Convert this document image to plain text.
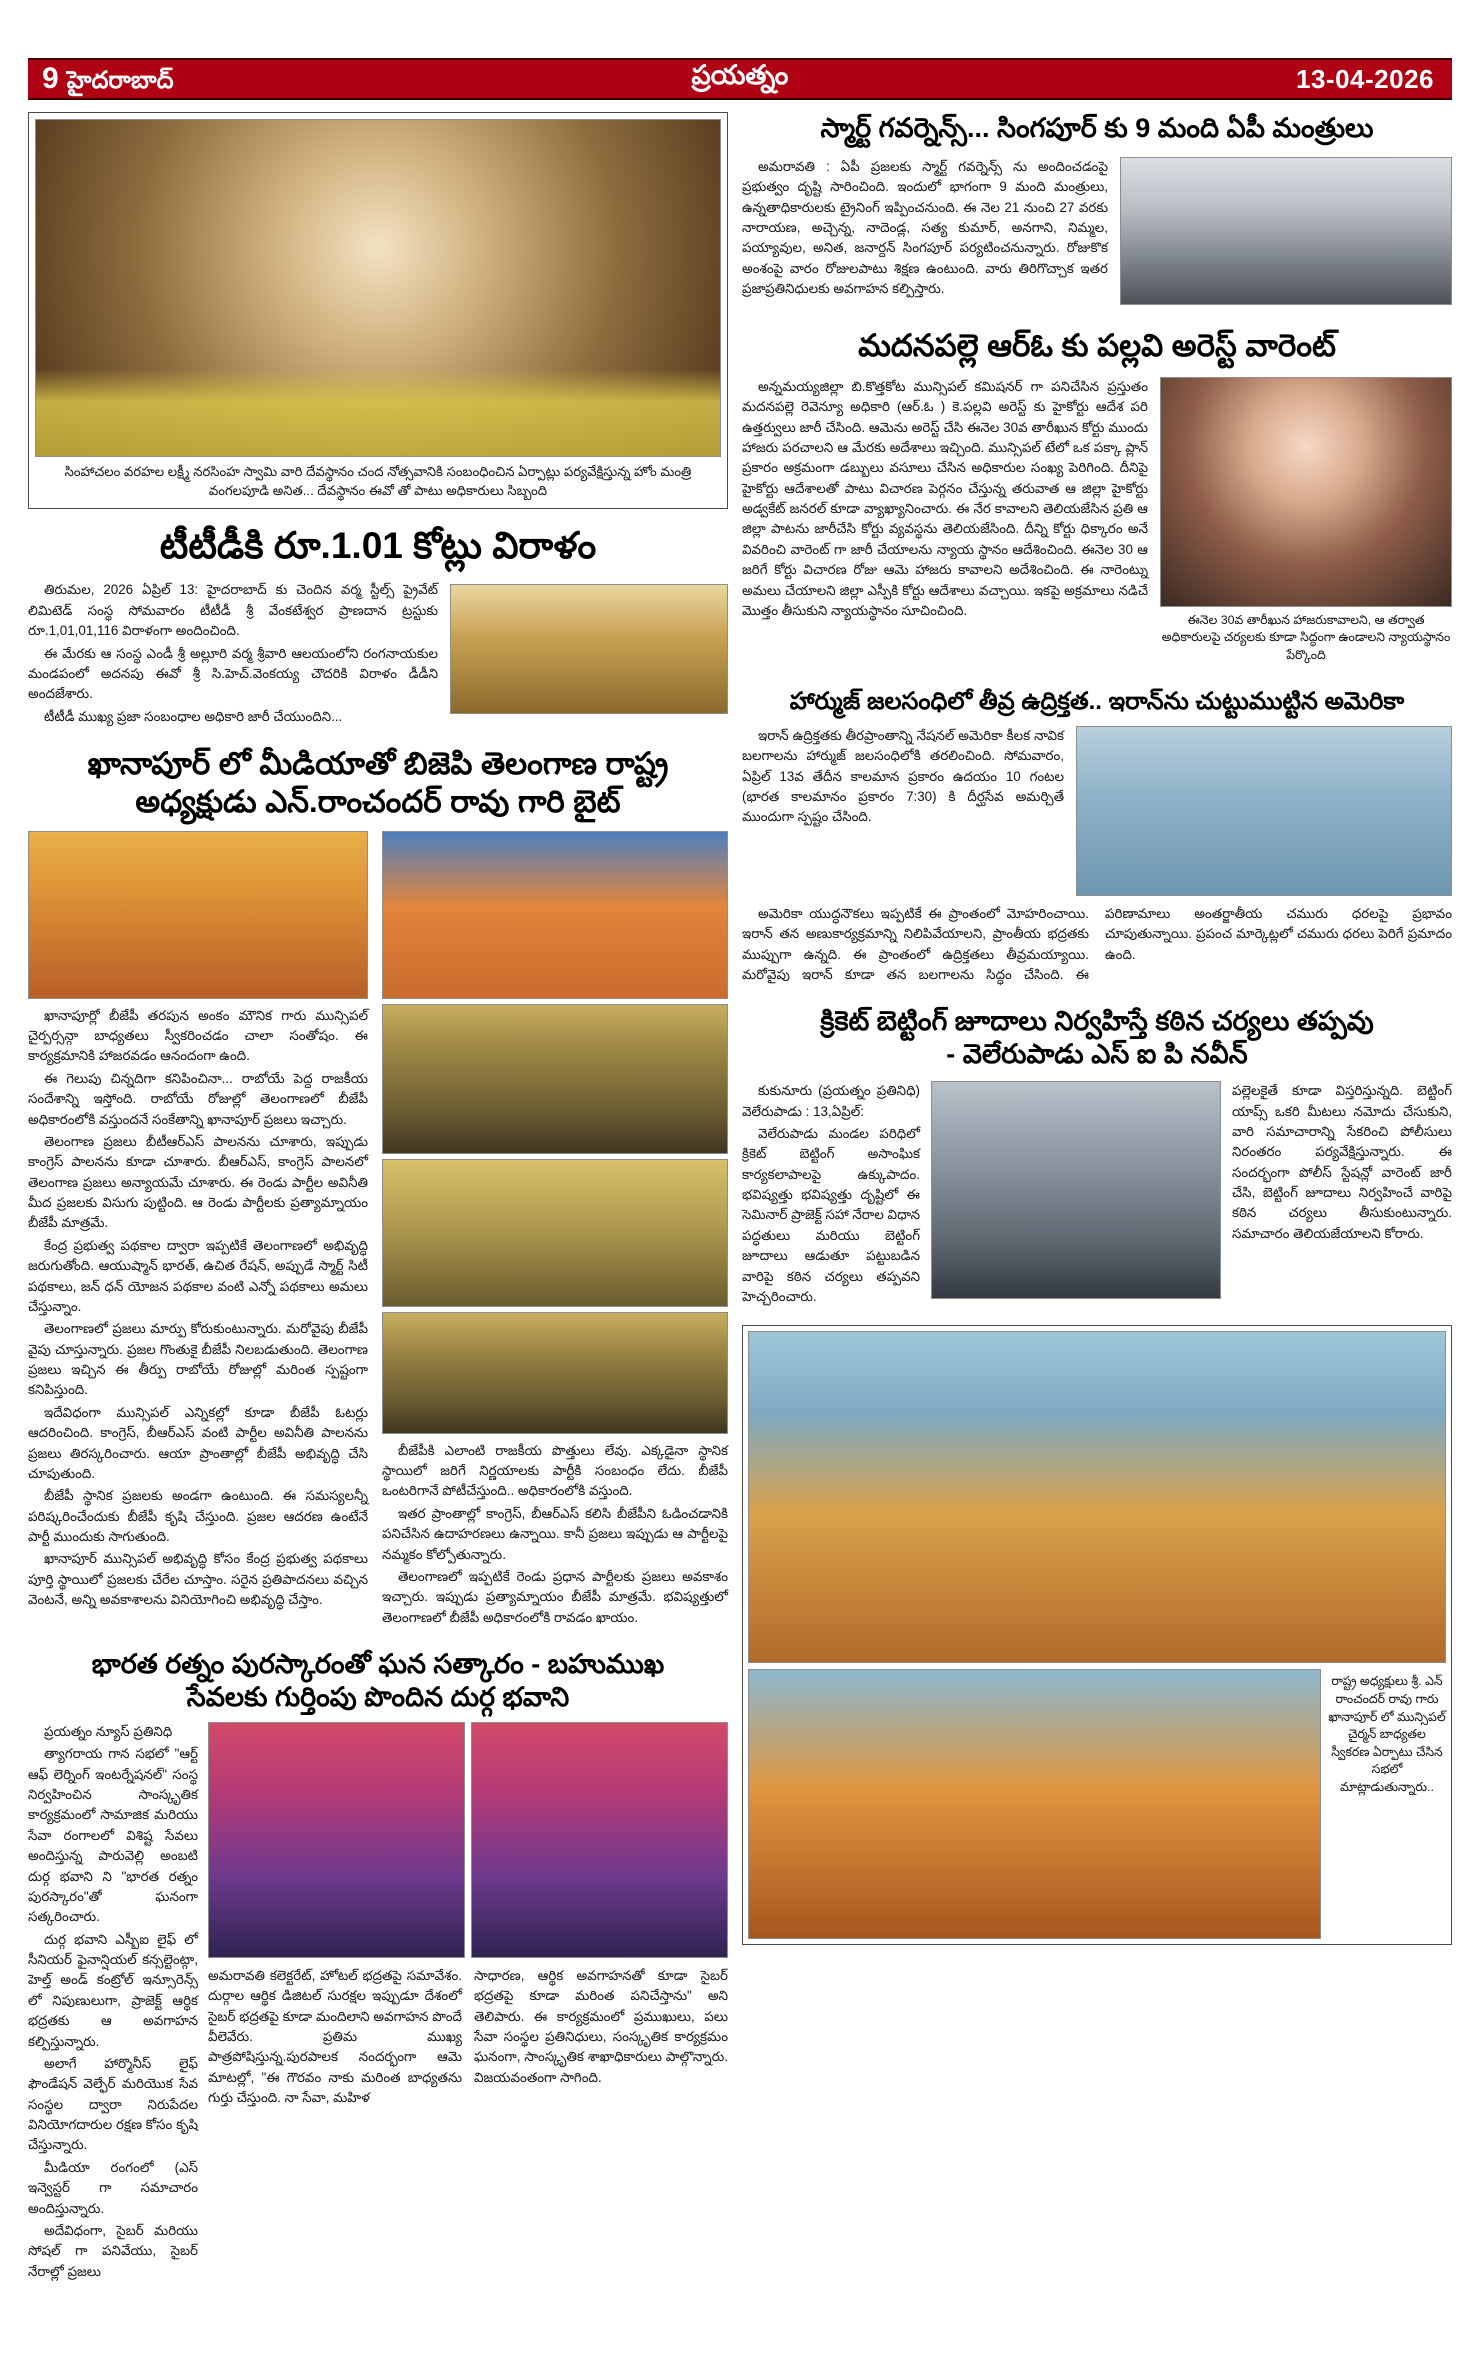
9 హైదరాబాద్	ప్రయత్నం	13-04-2026
సింహాచలం వరహల లక్ష్మీ నరసింహ స్వామి వారి దేవస్థానం చంద నోత్సవానికి సంబంధించిన ఏర్పాట్లు పర్యవేక్షిస్తున్న హోం మంత్రి వంగలపూడి అనిత... దేవస్థానం ఈవో తో పాటు అధికారులు సిబ్బంది
టీటీడీకి రూ.1.01 కోట్లు విరాళం

తిరుమల, 2026 ఏప్రిల్ 13: హైదరాబాద్ కు చెందిన వర్మ స్టీల్స్ ప్రైవేట్ లిమిటెడ్ సంస్థ సోమవారం టీటీడీ శ్రీ వేంకటేశ్వర ప్రాణదాన ట్రస్టుకు రూ.1,01,01,116 విరాళంగా అందించింది.

ఈ మేరకు ఆ సంస్థ ఎండీ శ్రీ అల్లూరి వర్మ శ్రీవారి ఆలయంలోని రంగనాయకుల మండపంలో అదనపు ఈవో శ్రీ సి.హెచ్.వెంకయ్య చౌదరికి విరాళం డీడీని అందజేశారు.

టీటీడీ ముఖ్య ప్రజా సంబంధాల అధికారి జారీ చేయుందిని...

ఖానాపూర్ లో మీడియాతో బిజెపి తెలంగాణ రాష్ట్ర
అధ్యక్షుడు ఎన్.రాంచందర్ రావు గారి బైట్

ఖానాపూర్లో బీజేపీ తరపున అంకం మౌనిక గారు మున్సిపల్ చైర్పర్సన్గా బాధ్యతలు స్వీకరించడం చాలా సంతోషం. ఈ కార్యక్రమానికి హాజరవడం ఆనందంగా ఉంది.

ఈ గెలుపు చిన్నదిగా కనిపించినా... రాబోయే పెద్ద రాజకీయ సందేశాన్ని ఇస్తోంది. రాబోయే రోజుల్లో తెలంగాణలో బీజేపీ అధికారంలోకి వస్తుందనే సంకేతాన్ని ఖానాపూర్ ప్రజలు ఇచ్చారు.

తెలంగాణ ప్రజలు బీటీఆర్ఎస్ పాలనను చూశారు, ఇప్పుడు కాంగ్రెస్ పాలనను కూడా చూశారు. బీఆర్ఎస్, కాంగ్రెస్ పాలనలో తెలంగాణ ప్రజలు అన్యాయమే చూశారు. ఈ రెండు పార్టీల అవినీతి మీద ప్రజలకు విసుగు పుట్టింది. ఆ రెండు పార్టీలకు ప్రత్యామ్నాయం బీజేపీ మాత్రమే.

కేంద్ర ప్రభుత్వ పథకాల ద్వారా ఇప్పటికే తెలంగాణలో అభివృద్ధి జరుగుతోంది. ఆయుష్మాన్ భారత్, ఉచిత రేషన్, అప్పుడే స్మార్ట్ సిటీ పథకాలు, జన్ ధన్ యోజన పథకాల వంటి ఎన్నో పథకాలు అమలు చేస్తున్నాం.

తెలంగాణలో ప్రజలు మార్పు కోరుకుంటున్నారు. మరోవైపు బీజేపీ వైపు చూస్తున్నారు. ప్రజల గొంతుకై బీజేపీ నిలబడుతుంది. తెలంగాణ ప్రజలు ఇచ్చిన ఈ తీర్పు రాబోయే రోజుల్లో మరింత స్పష్టంగా కనిపిస్తుంది.

ఇదేవిధంగా మున్సిపల్ ఎన్నికల్లో కూడా బీజేపీ ఓటర్లు ఆదరించింది. కాంగ్రెస్, బీఆర్ఎస్ వంటి పార్టీల అవినీతి పాలనను ప్రజలు తిరస్కరించారు. ఆయా ప్రాంతాల్లో బీజేపీ అభివృద్ధి చేసి చూపుతుంది.

బీజేపీ స్థానిక ప్రజలకు అండగా ఉంటుంది. ఈ సమస్యలన్నీ పరిష్కరించేందుకు బీజేపీ కృషి చేస్తుంది. ప్రజల ఆదరణ ఉంటేనే పార్టీ ముందుకు సాగుతుంది.

ఖానాపూర్ మున్సిపల్ అభివృద్ధి కోసం కేంద్ర ప్రభుత్వ పథకాలు పూర్తి స్థాయిలో ప్రజలకు చేరేల చూస్తాం. సరైన ప్రతిపాదనలు వచ్చిన వెంటనే, అన్ని అవకాశాలను వినియోగించి అభివృద్ధి చేస్తాం.

బీజేపీకి ఎలాంటి రాజకీయ పొత్తులు లేవు. ఎక్కడైనా స్థానిక స్థాయిలో జరిగే నిర్ణయాలకు పార్టీకి సంబంధం లేదు. బీజేపీ ఒంటరిగానే పోటీచేస్తుంది.. అధికారంలోకి వస్తుంది.

ఇతర ప్రాంతాల్లో కాంగ్రెస్, బీఆర్ఎస్ కలిసి బీజేపీని ఓడించడానికి పనిచేసిన ఉదాహరణలు ఉన్నాయి. కానీ ప్రజలు ఇప్పుడు ఆ పార్టీలపై నమ్మకం కోల్పోతున్నారు.

తెలంగాణలో ఇప్పటికే రెండు ప్రధాన పార్టీలకు ప్రజలు అవకాశం ఇచ్చారు. ఇప్పుడు ప్రత్యామ్నాయం బీజేపీ మాత్రమే. భవిష్యత్తులో తెలంగాణలో బీజేపీ అధికారంలోకి రావడం ఖాయం.

భారత రత్నం పురస్కారంతో ఘన సత్కారం - బహుముఖ
సేవలకు గుర్తింపు పొందిన దుర్గ భవాని

ప్రయత్నం న్యూస్ ప్రతినిధి

త్యాగరాయ గాన సభలో "ఆర్ట్ ఆఫ్ లెర్నింగ్ ఇంటర్నేషనల్" సంస్థ నిర్వహించిన సాంస్కృతిక కార్యక్రమంలో సామాజిక మరియు సేవా రంగాలలో విశిష్ట సేవలు అందిస్తున్న పారువెల్లి అంబటి దుర్గ భవాని ని "భారత రత్నం పురస్కారం"తో ఘనంగా సత్కరించారు.

దుర్గ భవాని ఎస్బీఐ లైఫ్ లో సీనియర్ ఫైనాన్షియల్ కన్సల్టెంట్గా, హెల్త్ అండ్ కంట్రోల్ ఇన్సూరెన్స్ లో నిపుణులుగా, ప్రాజెక్ట్ ఆర్థిక భద్రతకు ఆ అవగాహన కల్పిస్తున్నారు.

అలాగే హార్మొనీస్ లైఫ్ ఫౌండేషన్ వెల్ఫేర్ మరియొక సేవ సంస్థల ద్వారా నిరుపేదల వినియోగదారుల రక్షణ కోసం కృషి చేస్తున్నారు.

మీడియా రంగంలో (ఎస్ ఇన్వెస్టర్ గా సమాచారం అందిస్తున్నారు.

అదేవిధంగా, సైబర్ మరియు సోషల్ గా పనివేయు, సైబర్ నేరాల్లో ప్రజలు

అమరావతి కలెక్టరేట్, హోటల్ భద్రతపై సమావేశం. దుర్గాల ఆర్థిక డిజిటల్ సురక్షల ఇప్పుడూ దేశంలో సైబర్ భద్రతపై కూడా మందిలాని అవగాహన పొందే వీలెవేరు. ప్రతిమ ముఖ్య పాత్రపోషిస్తున్న.పురపాలక నందర్భంగా ఆమె మాటల్లో, "ఈ గౌరవం నాకు మరింత బాధ్యతను గుర్తు చేస్తుంది. నా సేవా, మహిళ
సాధారణ, ఆర్థిక అవగాహనతో కూడా సైబర్ భద్రతపై కూడా మరింత పనిచేస్తాను" అని తెలిపారు. ఈ కార్యక్రమంలో ప్రముఖులు, పలు సేవా సంస్థల ప్రతినిధులు, సంస్కృతిక కార్యక్రమం ఘనంగా, సాంస్కృతిక శాఖాధికారులు పాల్గొన్నారు. విజయవంతంగా సాగింది.
స్మార్ట్ గవర్నెన్స్... సింగపూర్ కు 9 మంది ఏపీ మంత్రులు

అమరావతి : ఏపీ ప్రజలకు స్మార్ట్ గవర్నెన్స్ ను అందించడంపై ప్రభుత్వం దృష్టి సారించింది. ఇందులో భాగంగా 9 మంది మంత్రులు, ఉన్నతాధికారులకు ట్రైనింగ్ ఇప్పించనుంది. ఈ నెల 21 నుంచి 27 వరకు నారాయణ, అచ్చెన్న, నాదెండ్ల, సత్య కుమార్, అనగాని, నిమ్మల, పయ్యావుల, అనిత, జనార్దన్ సింగపూర్ పర్యటించనున్నారు. రోజుకొక అంశంపై వారం రోజులపాటు శిక్షణ ఉంటుంది. వారు తిరిగొచ్చాక ఇతర ప్రజాప్రతినిధులకు అవగాహన కల్పిస్తారు.

మదనపల్లె ఆర్‌ఓ కు పల్లవి అరెస్ట్ వారెంట్

అన్నమయ్యజిల్లా బి.కొత్తకోట మున్సిపల్ కమిషనర్ గా పనిచేసిన ప్రస్తుతం మదనపల్లె రెవెన్యూ అధికారి (ఆర్.ఓ ) కె.పల్లవి అరెస్ట్ కు హైకోర్టు ఆదేశ పరి ఉత్తర్వులు జారీ చేసింది. ఆమెను అరెస్ట్ చేసి ఈనెల 30వ తారీఖున కోర్టు ముందు హాజరు పరచాలని ఆ మేరకు అదేశాలు ఇచ్చింది. మున్సిపల్ టేలో ఒక పక్కా ప్లాన్ ప్రకారం అక్రమంగా డబ్బులు వసూలు చేసిన అధికారుల సంఖ్య పెరిగింది. దీనిపై హైకోర్టు ఆదేశాలతో పాటు విచారణ పెర్గనం చేస్తున్న తరువాత ఆ జిల్లా హైకోర్టు అడ్వకేట్ జనరల్ కూడా వ్యాఖ్యానించారు. ఈ నేర కావాలని తెలియజేసిన ప్రతి ఆ జిల్లా పాటను జారీచేసి కోర్టు వ్యవస్థను తెలియజేసింది. దీన్ని కోర్టు ధిక్కారం అనే వివరించి వారెంట్ గా జారీ చేయాలను న్యాయ స్థానం ఆదేశించింది. ఈనెల 30 ఆ జరిగే కోర్టు విచారణ రోజు ఆమె హాజరు కావాలని అదేశించింది. ఈ నారెంట్ను అమలు చేయాలని జిల్లా ఎస్పీకి కోర్టు ఆదేశాలు వచ్చాయి. ఇకపై అక్రమాలు నడిచే మొత్తం తీసుకుని న్యాయస్థానం సూచించింది.

ఈనెల 30వ తారీఖున హాజరుకావాలని, ఆ తర్వాత అధికారులపై చర్యలకు కూడా సిద్ధంగా ఉండాలని న్యాయస్థానం పేర్కొంది
హార్ముజ్ జలసంధిలో తీవ్ర ఉద్రిక్తత.. ఇరాన్‌ను చుట్టుముట్టిన అమెరికా

ఇరాన్ ఉద్రిక్తతకు తీరప్రాంతాన్ని నేషనల్ అమెరికా కీలక నావిక బలగాలను హార్ముజ్ జలసంధిలోకి తరలించింది. సోమవారం, ఏప్రిల్ 13వ తేదీన కాలమాన ప్రకారం ఉదయం 10 గంటల (భారత కాలమానం ప్రకారం 7:30) కి దీర్ఘసేవ అమర్చితే ముందుగా స్పష్టం చేసింది.

అమెరికా యుద్ధనౌకలు ఇప్పటికే ఈ ప్రాంతంలో మోహరించాయి. ఇరాన్ తన అణుకార్యక్రమాన్ని నిలిపివేయాలని, ప్రాంతీయ భద్రతకు ముప్పుగా ఉన్నది. ఈ ప్రాంతంలో ఉద్రిక్తతలు తీవ్రమయ్యాయి. మరోవైపు ఇరాన్ కూడా తన బలగాలను సిద్ధం చేసింది. ఈ పరిణామాలు అంతర్జాతీయ చమురు ధరలపై ప్రభావం చూపుతున్నాయి. ప్రపంచ మార్కెట్లలో చమురు ధరలు పెరిగే ప్రమాదం ఉంది.

క్రికెట్ బెట్టింగ్ జూదాలు నిర్వహిస్తే కఠిన చర్యలు తప్పవు
- వెలేరుపాడు ఎస్ ఐ పి నవీన్

కుకునూరు (ప్రయత్నం ప్రతినిధి) వెలేరుపాడు : 13,ఏప్రిల్:

వెలేరుపాడు మండల పరిధిలో క్రికెట్ బెట్టింగ్ అసాంఘిక కార్యకలాపాలపై ఉక్కుపాదం. భవిష్యత్తు భవిష్యత్తు దృష్టిలో ఈ సెమినార్ ప్రాజెక్ట్ సహా నేరాల విధాన పద్ధతులు మరియు బెట్టింగ్ జూదాలు ఆడుతూ పట్టుబడిన వారిపై కఠిన చర్యలు తప్పవని హెచ్చరించారు.

పల్లెలకైతే కూడా విస్తరిస్తున్నది. బెట్టింగ్ యాప్స్ ఒకరి మీటలు నమోదు చేసుకుని, వారి సమాచారాన్ని సేకరించి పోలీసులు నిరంతరం పర్యవేక్షిస్తున్నారు. ఈ సందర్భంగా పోలీస్ స్టేషన్లో వారెంట్ జారీ చేసి, బెట్టింగ్ జూదాలు నిర్వహించే వారిపై కఠిన చర్యలు తీసుకుంటున్నారు. సమాచారం తెలియజేయాలని కోరారు.
రాష్ట్ర అధ్యక్షులు శ్రీ. ఎన్ రాంచందర్ రావు గారు ఖానాపూర్ లో మున్సిపల్ చైర్మన్ బాధ్యతల స్వీకరణ ఏర్పాటు చేసిన సభలో మాట్లాడుతున్నారు..
